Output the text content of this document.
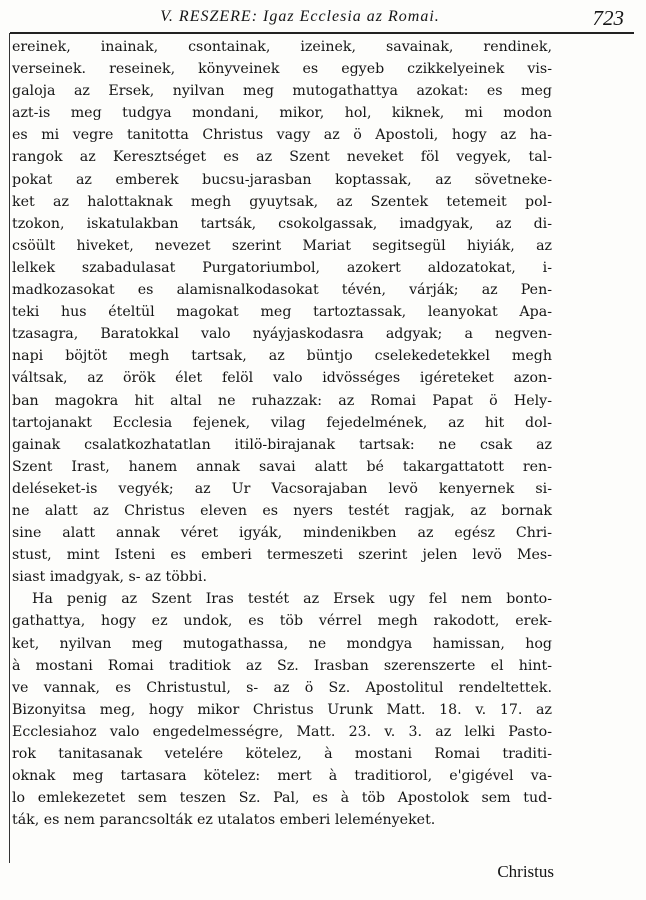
V. RESZERE: Igaz Ecclesia az Romai.	723
ereinek, inainak, csontainak, izeinek, savainak, rendinek,
verseinek. reseinek, könyveinek es egyeb czikkelyeinek vis-
galoja az Ersek, nyilvan meg mutogathattya azokat: es meg
azt-is meg tudgya mondani, mikor, hol, kiknek, mi modon
es mi vegre tanitotta Christus vagy az ö Apostoli, hogy az ha-
rangok az Keresztséget es az Szent neveket föl vegyek, tal-
pokat az emberek bucsu-jarasban koptassak, az sövetneke-
ket az halottaknak megh gyuytsak, az Szentek tetemeit pol-
tzokon, iskatulakban tartsák, csokolgassak, imadgyak, az di-
csöült hiveket, nevezet szerint Mariat segitsegül hiyiák, az
lelkek szabadulasat Purgatoriumbol, azokert aldozatokat, i-
madkozasokat es alamisnalkodasokat tévén, várják; az Pen-
teki hus ételtül magokat meg tartoztassak, leanyokat Apa-
tzasagra, Baratokkal valo nyáyjaskodasra adgyak; a negven-
napi böjtöt megh tartsak, az büntjo cselekedetekkel megh
váltsak, az örök élet felöl valo idvösséges igéreteket azon-
ban magokra hit altal ne ruhazzak: az Romai Papat ö Hely-
tartojanakt Ecclesia fejenek, vilag fejedelmének, az hit dol-
gainak csalatkozhatatlan itilö-birajanak tartsak: ne csak az
Szent Irast, hanem annak savai alatt bé takargattatott ren-
deléseket-is vegyék; az Ur Vacsorajaban levö kenyernek si-
ne alatt az Christus eleven es nyers testét ragjak, az bornak
sine alatt annak véret igyák, mindenikben az egész Chri-
stust, mint Isteni es emberi termeszeti szerint jelen levö Mes-
siast imadgyak, s- az többi.
Ha penig az Szent Iras testét az Ersek ugy fel nem bonto-
gathattya, hogy ez undok, es töb vérrel megh rakodott, erek-
ket, nyilvan meg mutogathassa, ne mondgya hamissan, hog
à mostani Romai traditiok az Sz. Irasban szerenszerte el hint-
ve vannak, es Christustul, s- az ö Sz. Apostolitul rendeltettek.
Bizonyitsa meg, hogy mikor Christus Urunk Matt. 18. v. 17. az
Ecclesiahoz valo engedelmességre, Matt. 23. v. 3. az lelki Pasto-
rok tanitasanak vetelére kötelez, à mostani Romai traditi-
oknak meg tartasara kötelez: mert à traditiorol, e'gigével va-
lo emlekezetet sem teszen Sz. Pal, es à töb Apostolok sem tud-
ták, es nem parancsolták ez utalatos emberi leleményeket.
Christus
